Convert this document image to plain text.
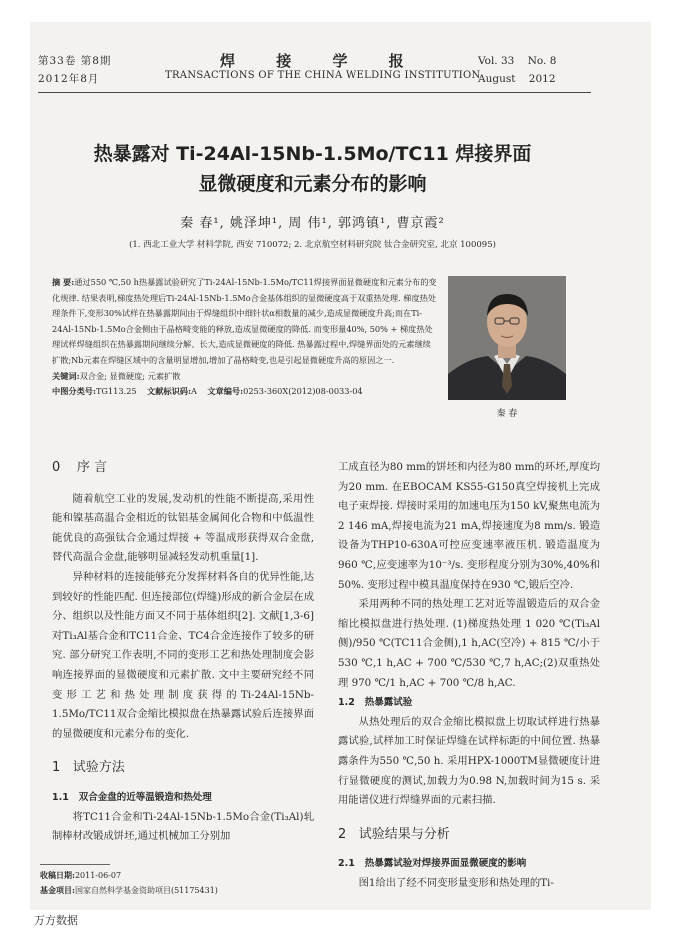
第33卷 第8期
2012年8月
焊 接 学 报
TRANSACTIONS OF THE CHINA WELDING INSTITUTION
Vol. 33 No. 8
August 2012
热暴露对 Ti-24Al-15Nb-1.5Mo/TC11 焊接界面
显微硬度和元素分布的影响
秦 春¹, 姚泽坤¹, 周 伟¹, 郭鸿镇¹, 曹京霞²
(1. 西北工业大学 材料学院, 西安 710072; 2. 北京航空材料研究院 钛合金研究室, 北京 100095)
摘 要:通过550 ℃,50 h热暴露试验研究了Ti-24Al-15Nb-1.5Mo/TC11焊接界面显微硬度和元素分布的变化规律. 结果表明,梯度热处理后Ti-24Al-15Nb-1.5Mo合金基体组织的显微硬度高于双重热处理. 梯度热处理条件下,变形30%试样在热暴露期间由于焊缝组织中细针状α相数量的减少,造成显微硬度升高;而在Ti-24Al-15Nb-1.5Mo合金侧由于晶格畸变能的释放,造成显微硬度的降低. 而变形量40%, 50% + 梯度热处理试样焊缝组织在热暴露期间继续分解、长大,造成显微硬度的降低. 热暴露过程中,焊缝界面处的元素继续扩散;Nb元素在焊缝区域中的含量明显增加,增加了晶格畸变,也是引起显微硬度升高的原因之一.
关键词:双合金; 显微硬度; 元素扩散
中图分类号:TG113.25 文献标识码:A 文章编号:0253-360X(2012)08-0033-04
秦 春
0 序 言

随着航空工业的发展,发动机的性能不断提高,采用性能和镍基高温合金相近的钛铝基金属间化合物和中低温性能优良的高强钛合金通过焊接 + 等温成形获得双合金盘,替代高温合金盘,能够明显减轻发动机重量[1].

异种材料的连接能够充分发挥材料各自的优异性能,达到较好的性能匹配. 但连接部位(焊缝)形成的新合金层在成分、组织以及性能方面又不同于基体组织[2]. 文献[1,3-6]对Ti₃Al基合金和TC11合金、TC4合金连接作了较多的研究. 部分研究工作表明,不同的变形工艺和热处理制度会影响连接界面的显微硬度和元素扩散. 文中主要研究经不同变形工艺和热处理制度获得的Ti-24Al-15Nb-1.5Mo/TC11双合金缩比模拟盘在热暴露试验后连接界面的显微硬度和元素分布的变化.

1 试验方法
1.1 双合金盘的近等温锻造和热处理

将TC11合金和Ti-24Al-15Nb-1.5Mo合金(Ti₃Al)轧制棒材改锻成饼坯,通过机械加工分别加

工成直径为80 mm的饼坯和内径为80 mm的环坯,厚度均为20 mm. 在EBOCAM KS55-G150真空焊接机上完成电子束焊接. 焊接时采用的加速电压为150 kV,聚焦电流为2 146 mA,焊接电流为21 mA,焊接速度为8 mm/s. 锻造设备为THP10-630A可控应变速率液压机. 锻造温度为960 ℃,应变速率为10⁻³/s. 变形程度分别为30%,40%和50%. 变形过程中模具温度保持在930 ℃,锻后空冷.

采用两种不同的热处理工艺对近等温锻造后的双合金缩比模拟盘进行热处理. (1)梯度热处理 1 020 ℃(Ti₃Al侧)/950 ℃(TC11合金侧),1 h,AC(空冷) + 815 ℃/小于530 ℃,1 h,AC + 700 ℃/530 ℃,7 h,AC;(2)双重热处理 970 ℃/1 h,AC + 700 ℃/8 h,AC.

1.2 热暴露试验

从热处理后的双合金缩比模拟盘上切取试样进行热暴露试验,试样加工时保证焊缝在试样标距的中间位置. 热暴露条件为550 ℃,50 h. 采用HPX-1000TM显微硬度计进行显微硬度的测试,加载力为0.98 N,加载时间为15 s. 采用能谱仪进行焊缝界面的元素扫描.

2 试验结果与分析
2.1 热暴露试验对焊接界面显微硬度的影响

图1给出了经不同变形量变形和热处理的Ti-

收稿日期:2011-06-07
基金项目:国家自然科学基金资助项目(51175431)
万方数据
